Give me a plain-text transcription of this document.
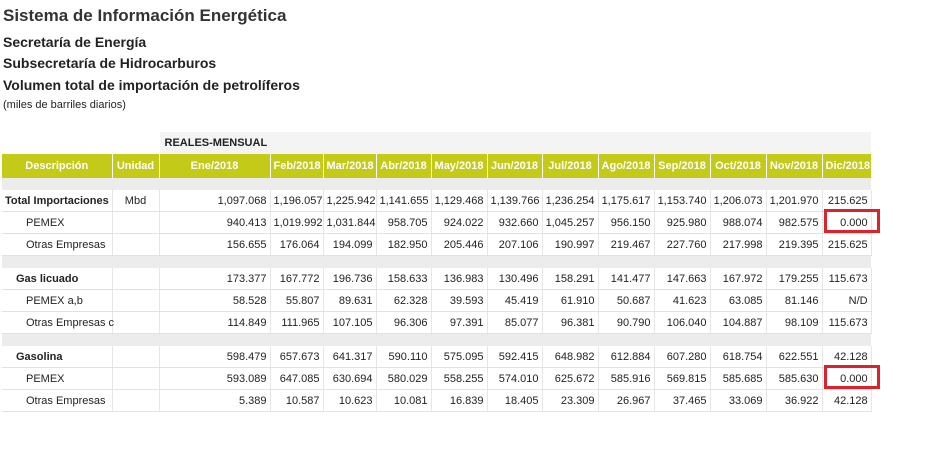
Sistema de Información Energética
Secretaría de Energía
Subsecretaría de Hidrocarburos
Volumen total de importación de petrolíferos
(miles de barriles diarios)
		REALES-MENSUAL											
Descripción	Unidad	Ene/2018	Feb/2018	Mar/2018	Abr/2018	May/2018	Jun/2018	Jul/2018	Ago/2018	Sep/2018	Oct/2018	Nov/2018	Dic/2018

Total Importaciones	Mbd	1,097.068	1,196.057	1,225.942	1,141.655	1,129.468	1,139.766	1,236.254	1,175.617	1,153.740	1,206.073	1,201.970	215.625
PEMEX		940.413	1,019.992	1,031.844	958.705	924.022	932.660	1,045.257	956.150	925.980	988.074	982.575	0.000

Otras Empresas		156.655	176.064	194.099	182.950	205.446	207.106	190.997	219.467	227.760	217.998	219.395	215.625

Gas licuado		173.377	167.772	196.736	158.633	136.983	130.496	158.291	141.477	147.663	167.972	179.255	115.673
PEMEX a,b		58.528	55.807	89.631	62.328	39.593	45.419	61.910	50.687	41.623	63.085	81.146	N/D
Otras Empresas c		114.849	111.965	107.105	96.306	97.391	85.077	96.381	90.790	106.040	104.887	98.109	115.673

Gasolina		598.479	657.673	641.317	590.110	575.095	592.415	648.982	612.884	607.280	618.754	622.551	42.128
PEMEX		593.089	647.085	630.694	580.029	558.255	574.010	625.672	585.916	569.815	585.685	585.630	0.000

Otras Empresas		5.389	10.587	10.623	10.081	16.839	18.405	23.309	26.967	37.465	33.069	36.922	42.128
